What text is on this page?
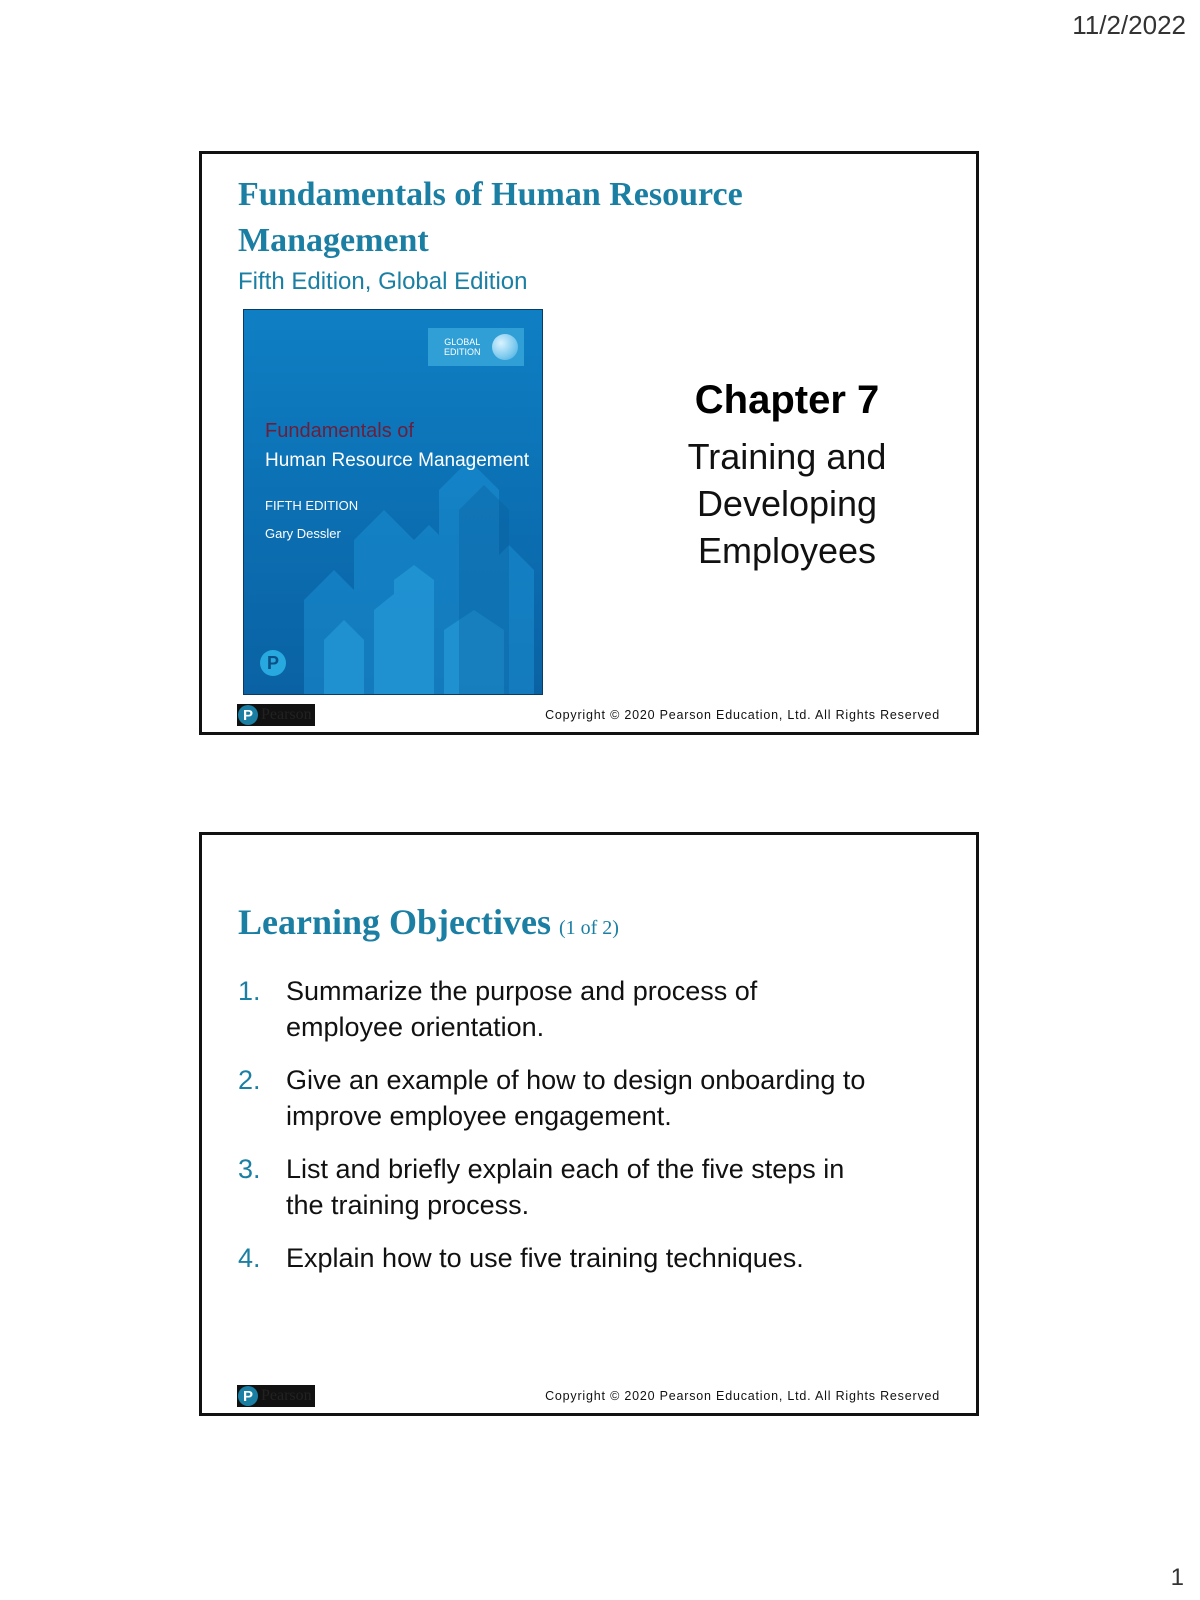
11/2/2022
Fundamentals of Human Resource
Management
Fifth Edition, Global Edition
GLOBAL
EDITION
Fundamentals of
Human Resource Management
FIFTH EDITION
Gary Dessler
P
Chapter 7
Training and
Developing
Employees
P Pearson	Copyright © 2020 Pearson Education, Ltd. All Rights Reserved
Learning Objectives (1 of 2)
1. Summarize the purpose and process of
employee orientation.
2. Give an example of how to design onboarding to
improve employee engagement.
3. List and briefly explain each of the five steps in
the training process.
4. Explain how to use five training techniques.
P Pearson	Copyright © 2020 Pearson Education, Ltd. All Rights Reserved
1
